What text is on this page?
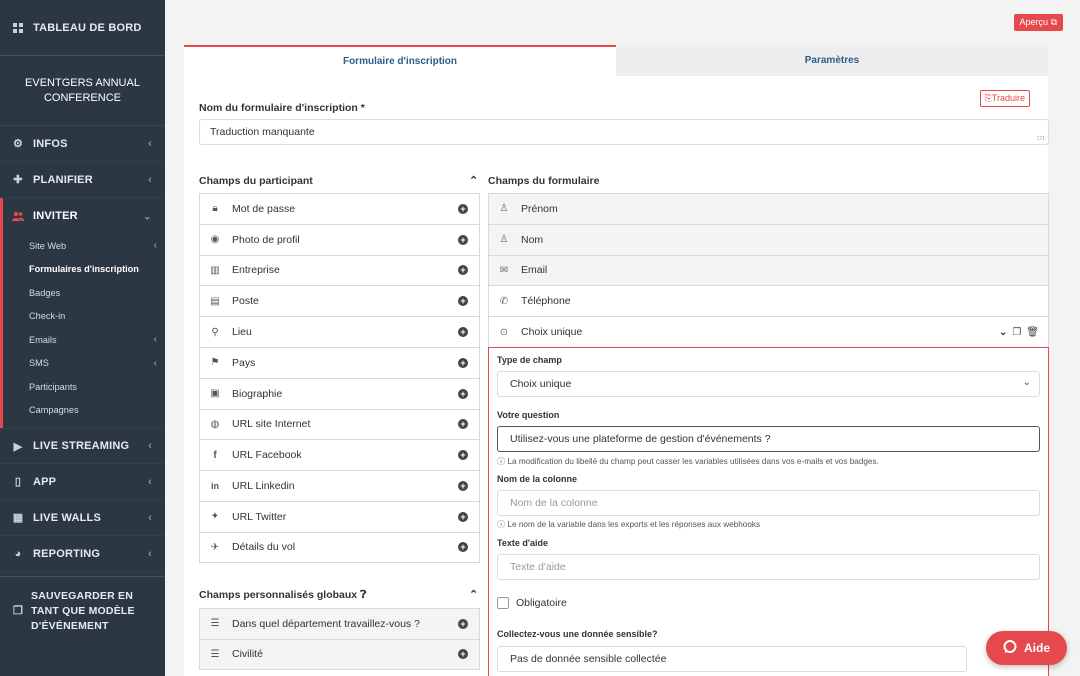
TABLEAU DE BORD
EVENTGERS ANNUAL CONFERENCE
⚙ INFOS	‹
✚ PLANIFIER	‹
INVITER	⌄
Site Web	‹
Formulaires d'inscription
Badges
Check-in
Emails	‹
SMS	‹
Participants
Campagnes
▶ LIVE STREAMING ‹
▯ APP	‹
▦ LIVE WALLS	‹
◕ REPORTING	‹
❐
SAUVEGARDER EN TANT QUE MODÈLE D'ÉVÉNEMENT
Aperçu ⧉
Formulaire d'inscription	Paramètres
⎘Traduire
Nom du formulaire d'inscription *
Traduction manquante
171
Champs du participant	⌃
🔒︎ Mot de passe	+
◉ Photo de profil	+
▥ Entreprise	+
▤ Poste	+
⚲ Lieu	+
⚑ Pays	+
▣ Biographie	+
◍ URL site Internet	+
f	URL Facebook	+
in URL Linkedin	+
✦ URL Twitter	+
✈ Détails du vol	+
Champs personnalisés globaux ❓︎	⌃
☰ Dans quel département travaillez-vous ?	+
☰ Civilité	+
Champs du formulaire
♙ Prénom
♙ Nom
✉ Email
✆ Téléphone
⊙ Choix unique	⌄ ❐ 🗑︎
Type de champ
Choix unique	⌄
Votre question
Utilisez-vous une plateforme de gestion d'événements ?
ⓘ La modification du libellé du champ peut casser les variables utilisées dans vos e-mails et vos badges.
Nom de la colonne
Nom de la colonne
ⓘ Le nom de la variable dans les exports et les réponses aux webhooks
Texte d'aide
Texte d'aide
Obligatoire
Collectez-vous une donnée sensible?
Pas de donnée sensible collectée
Aide
